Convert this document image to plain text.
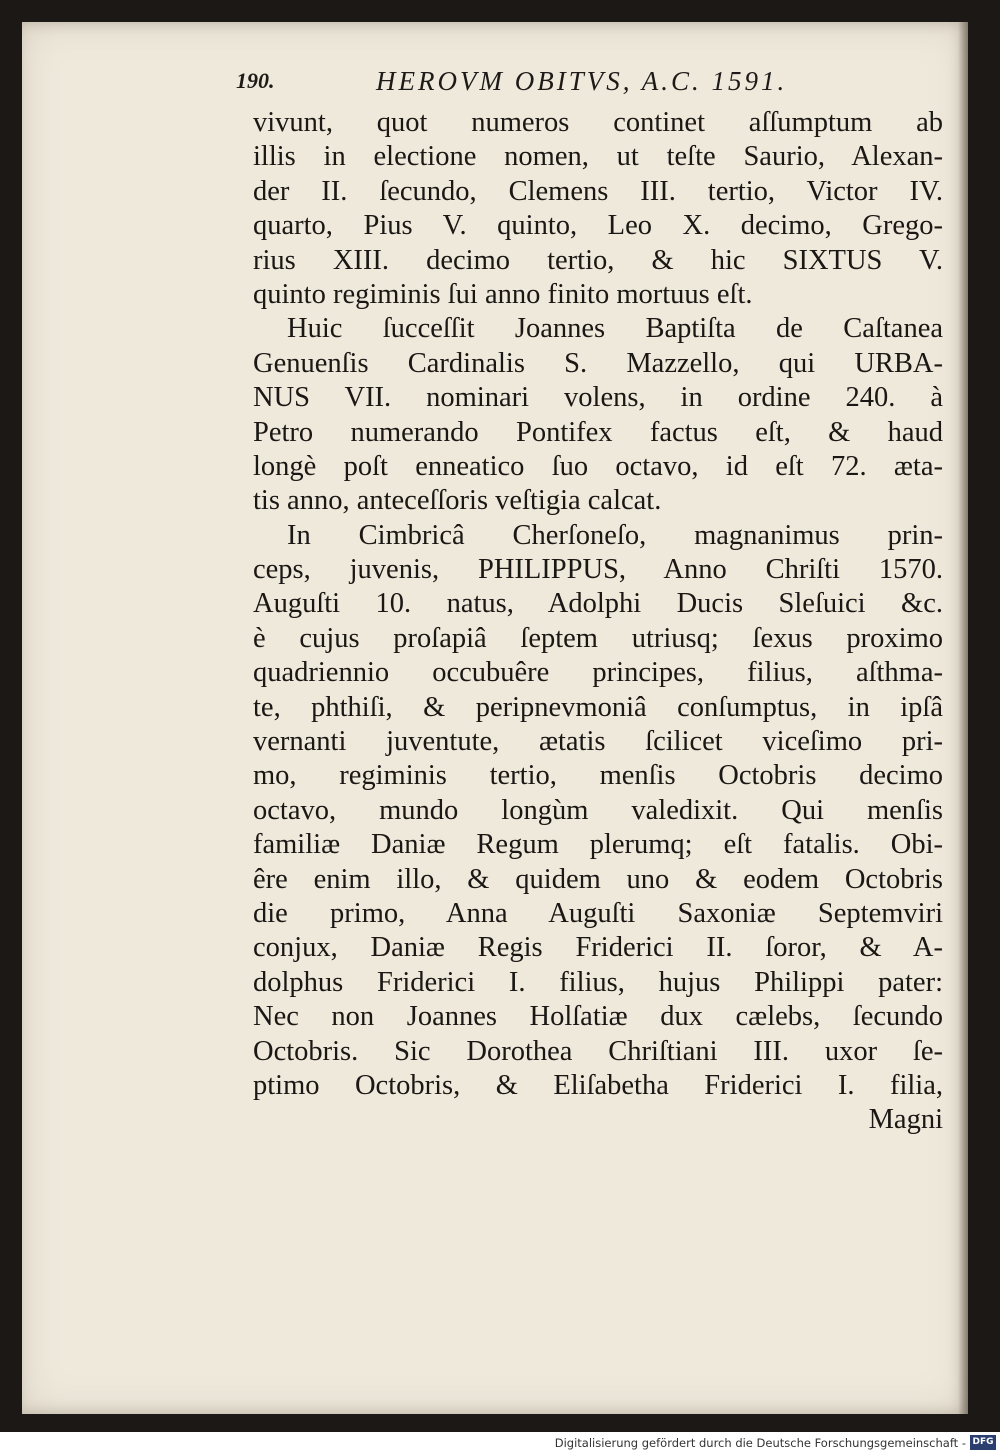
190.	HEROVM OBITVS, A.C. 1591.
vivunt, quot numeros continet aſſumptum ab
illis in electione nomen, ut teſte Saurio, Alexan-
der II. ſecundo, Clemens III. tertio, Victor IV.
quarto, Pius V. quinto, Leo X. decimo, Grego-
rius XIII. decimo tertio, & hic SIXTUS V.
quinto regiminis ſui anno finito mortuus eſt.
Huic ſucceſſit Joannes Baptiſta de Caſtanea
Genuenſis Cardinalis S. Mazzello, qui URBA-
NUS VII. nominari volens, in ordine 240. à
Petro numerando Pontifex factus eſt, & haud
longè poſt enneatico ſuo octavo, id eſt 72. æta-
tis anno, anteceſſoris veſtigia calcat.
In Cimbricâ Cherſoneſo, magnanimus prin-
ceps, juvenis, PHILIPPUS, Anno Chriſti 1570.
Auguſti 10. natus, Adolphi Ducis Sleſuici &c.
è cujus proſapiâ ſeptem utriusq; ſexus proximo
quadriennio occubuêre principes, filius, aſthma-
te, phthiſi, & peripnevmoniâ conſumptus, in ipſâ
vernanti juventute, ætatis ſcilicet viceſimo pri-
mo, regiminis tertio, menſis Octobris decimo
octavo, mundo longùm valedixit. Qui menſis
familiæ Daniæ Regum plerumq; eſt fatalis. Obi-
êre enim illo, & quidem uno & eodem Octobris
die primo, Anna Auguſti Saxoniæ Septemviri
conjux, Daniæ Regis Friderici II. ſoror, & A-
dolphus Friderici I. filius, hujus Philippi pater:
Nec non Joannes Holſatiæ dux cælebs, ſecundo
Octobris. Sic Dorothea Chriſtiani III. uxor ſe-
ptimo Octobris, & Eliſabetha Friderici I. filia,
Magni
Digitalisierung gefördert durch die Deutsche Forschungsgemeinschaft - DFG
